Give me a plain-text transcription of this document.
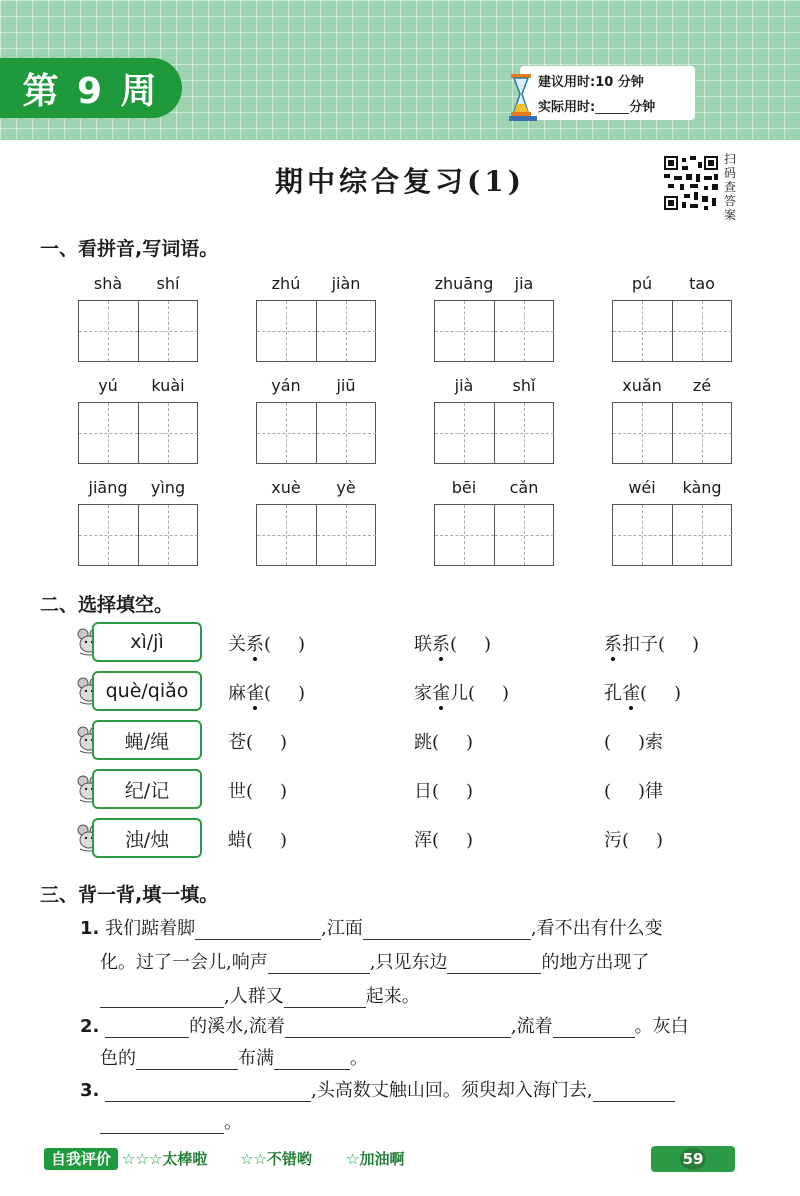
第 9 周	建议用时:10 分钟
实际用时:	分钟
期中综合复习(1)
扫
码
查
答
案
一、看拼音,写词语。
shà	shí	zhú	jiàn	zhuāng	jia	pú	tao
yú	kuài	yán	jiū	jià	shǐ	xuǎn	zé
jiāng	yìng	xuè	yè	bēi	cǎn	wéi	kàng
二、选择填空。
xì/jì	关系(  )	联系(  )	系扣子(  )
què/qiǎo	麻雀(  )	家雀儿(  )	孔雀(  )
蝇/绳	苍(  )	跳(  )	(  )索
纪/记	世(  )	日(  )	(  )律
浊/烛	蜡(  )	浑(  )	污(  )
三、背一背,填一填。
1. 我们踮着脚	,江面	,看不出有什么变
化。过了一会儿,响声	,只见东边	的地方出现了
,人群又	起来。
2.	的溪水,流着	,流着	。灰白
色的	布满	。
3.	,头高数丈触山回。须臾却入海门去,
。
自我评价 ☆☆☆太棒啦 ☆☆不错哟 ☆加油啊	59
